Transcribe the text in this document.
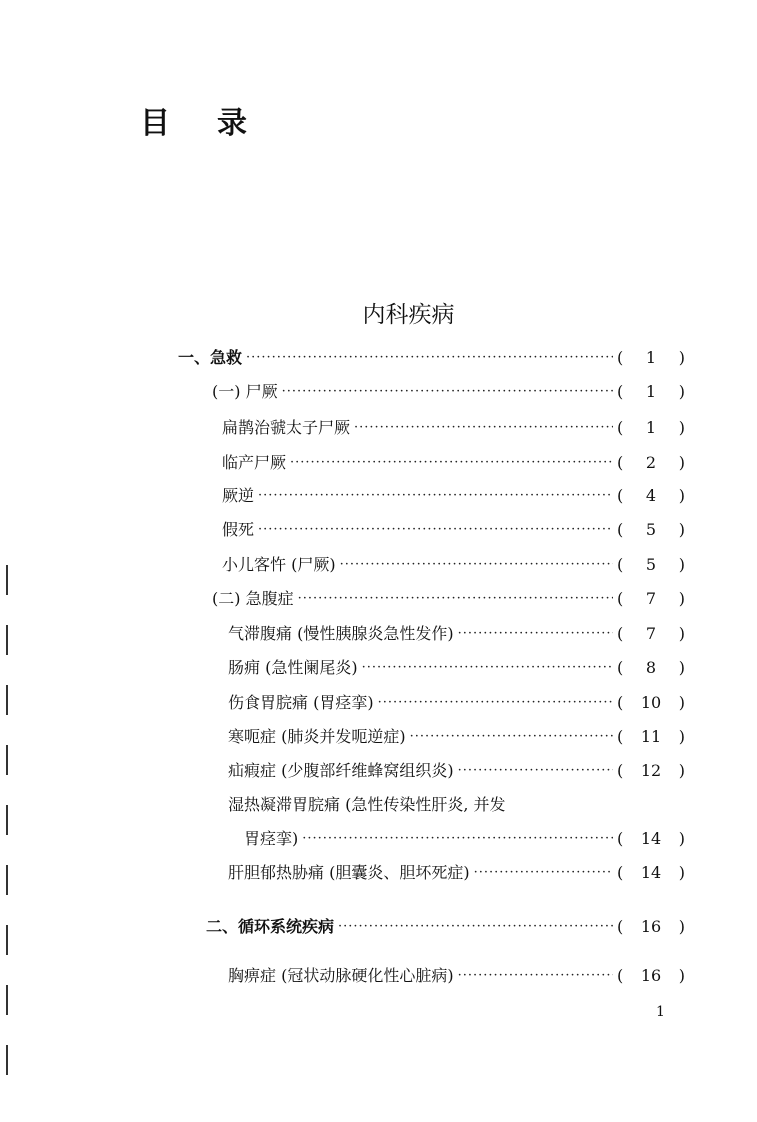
目 录
内科疾病
一、急救 ·····	( 1 )
(一) 尸厥 ·····	( 1 )
扁鹊治虢太子尸厥 ·····	( 1 )
临产尸厥 ·····	( 2 )
厥逆 ·····	( 4 )
假死 ·····	( 5 )
小儿客忤 (尸厥) ·····	( 5 )
(二) 急腹症 ·····	( 7 )
气滞腹痛 (慢性胰腺炎急性发作) ·····	( 7 )
肠痈 (急性阑尾炎) ·····	( 8 )
伤食胃脘痛 (胃痉挛) ·····	( 10 )
寒呃症 (肺炎并发呃逆症) ·····	( 11 )
疝瘕症 (少腹部纤维蜂窝组织炎) ·····	( 12 )
湿热凝滞胃脘痛 (急性传染性肝炎, 并发
胃痉挛) ·····	( 14 )
肝胆郁热胁痛 (胆囊炎、胆坏死症) ·····	( 14 )
二、循环系统疾病 ·····	( 16 )
胸痹症 (冠状动脉硬化性心脏病) ·····	( 16 )
1
